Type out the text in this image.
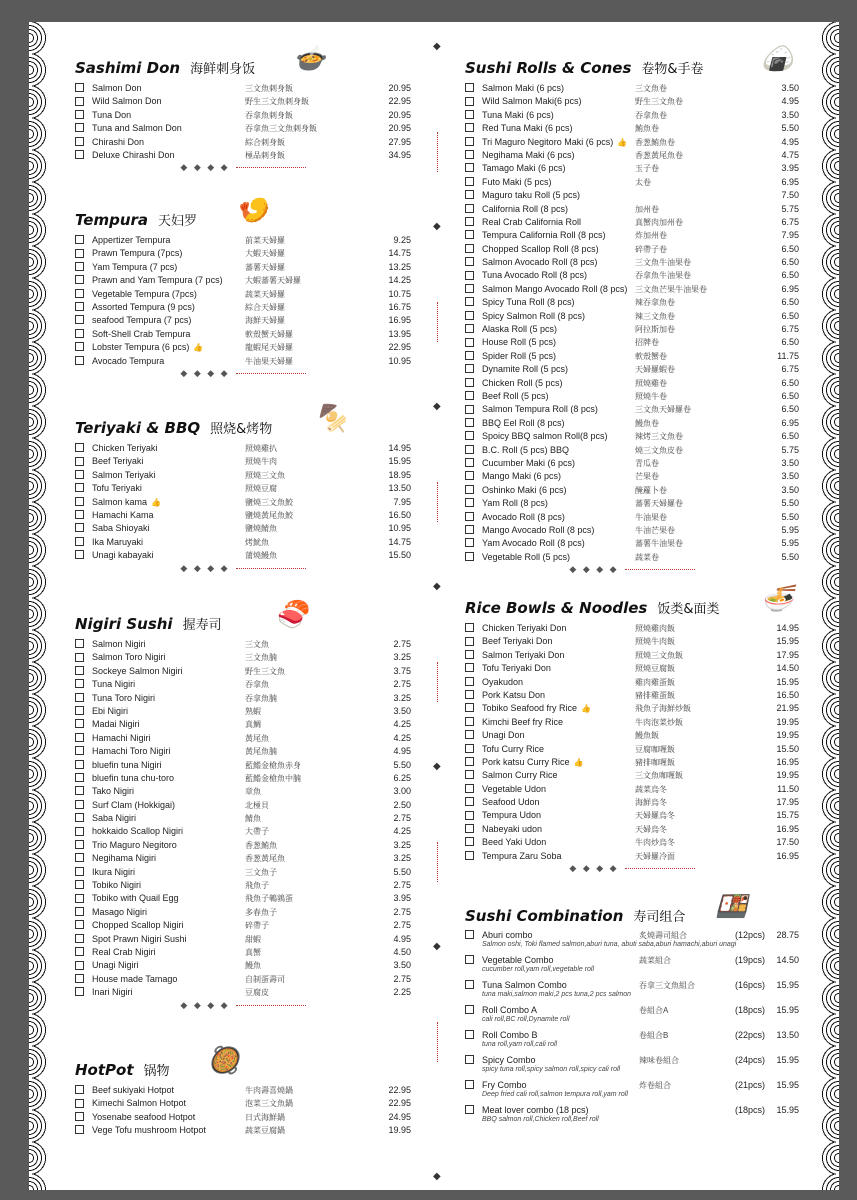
◆
◆
◆
◆
◆
◆
◆
Sashimi Don 海鲜刺身饭 🍲
Salmon Don	三文魚刺身飯	20.95
Wild Salmon Don	野生三文魚刺身飯	22.95
Tuna Don	吞拿魚刺身飯	20.95
Tuna and Salmon Don	吞拿魚三文魚刺身飯	20.95
Chirashi Don	綜合刺身飯	27.95
Deluxe Chirashi Don	極品刺身飯	34.95
◆ ◆ ◆ ◆
Tempura 天妇罗 🍤
Appertizer Tempura	前菜天婦羅	9.25
Prawn Tempura (7pcs)	大蝦天婦羅	14.75
Yam Tempura (7 pcs)	蕃薯天婦羅	13.25
Prawn and Yam Tempura (7 pcs)	大蝦蕃薯天婦羅	14.25
Vegetable Tempura (7pcs)	蔬菜天婦羅	10.75
Assorted Tempura (9 pcs)	綜合天婦羅	16.75
seafood Tempura (7 pcs)	海鮮天婦羅	16.95
Soft-Shell Crab Tempura	軟殼蟹天婦羅	13.95
Lobster Tempura (6 pcs) 👍	龍蝦尾天婦羅	22.95
Avocado Tempura	牛油果天婦羅	10.95
◆ ◆ ◆ ◆
Teriyaki & BBQ 照烧&烤物 🍢
Chicken Teriyaki	照燒雞扒	14.95
Beef Teriyaki	照燒牛肉	15.95
Salmon Teriyaki	照燒三文魚	18.95
Tofu Teriyaki	照燒豆腐	13.50
Salmon kama 👍	鹽燒三文魚鮫	7.95
Hamachi Kama	鹽燒黃尾魚鮫	16.50
Saba Shioyaki	鹽燒鯖魚	10.95
Ika Maruyaki	烤魷魚	14.75
Unagi kabayaki	蒲燒鰻魚	15.50
◆ ◆ ◆ ◆
Nigiri Sushi 握寿司 🍣
Salmon Nigiri	三文魚	2.75
Salmon Toro Nigiri	三文魚腩	3.25
Sockeye Salmon Nigiri	野生三文魚	3.75
Tuna Nigiri	吞拿魚	2.75
Tuna Toro Nigiri	吞拿魚腩	3.25
Ebi Nigiri	熟蝦	3.50
Madai Nigiri	真鯛	4.25
Hamachi Nigiri	黃尾魚	4.25
Hamachi Toro Nigiri	黃尾魚腩	4.95
bluefin tuna Nigiri	藍鰭金槍魚赤身	5.50
bluefin tuna chu-toro	藍鰭金槍魚中腩	6.25
Tako Nigiri	章魚	3.00
Surf Clam (Hokkigai)	北極貝	2.50
Saba Nigiri	鯖魚	2.75
hokkaido Scallop Nigiri	大帶子	4.25
Trio Maguro Negitoro	香葱鮪魚	3.25
Negihama Nigiri	香葱黃尾魚	3.25
Ikura Nigiri	三文魚子	5.50
Tobiko Nigiri	飛魚子	2.75
Tobiko with Quail Egg	飛魚子鵪鶉蛋	3.95
Masago Nigiri	多春魚子	2.75
Chopped Scallop Nigiri	碎帶子	2.75
Spot Prawn Nigiri Sushi	甜蝦	4.95
Real Crab Nigiri	真蟹	4.50
Unagi Nigiri	鰻魚	3.50
House made Tamago	自制蛋壽司	2.75
Inari Nigiri	豆腐皮	2.25
◆ ◆ ◆ ◆
HotPot 锅物 🥘
Beef sukiyaki Hotpot	牛肉壽喜燒鍋	22.95
Kimechi Salmon Hotpot	泡菜三文魚鍋	22.95
Yosenabe seafood Hotpot	日式海鮮鍋	24.95
Vege Tofu mushroom Hotpot	蔬菜豆腐鍋	19.95
Sushi Rolls & Cones 卷物&手卷 🍙
Salmon Maki (6 pcs)	三文魚卷	3.50
Wild Salmon Maki(6 pcs)	野生三文魚卷	4.95
Tuna Maki (6 pcs)	吞拿魚卷	3.50
Red Tuna Maki (6 pcs)	鮪魚卷	5.50
Tri Maguro Negitoro Maki (6 pcs) 👍 香葱鮪魚卷	4.95
Negihama Maki (6 pcs)	香葱黃尾魚卷	4.75
Tamago Maki (6 pcs)	玉子卷	3.95
Futo Maki (5 pcs)	太卷	6.95
Maguro taku Roll (5 pcs)	7.50
California Roll (8 pcs)	加州卷	5.75
Real Crab California Roll	真蟹肉加州卷	6.75
Tempura California Roll (8 pcs)	炸加州卷	7.95
Chopped Scallop Roll (8 pcs)	碎帶子卷	6.50
Salmon Avocado Roll (8 pcs)	三文魚牛油果卷	6.50
Tuna Avocado Roll (8 pcs)	吞拿魚牛油果卷	6.50
Salmon Mango Avocado Roll (8 pcs) 三文魚芒果牛油果卷	6.95
Spicy Tuna Roll (8 pcs)	辣吞拿魚卷	6.50
Spicy Salmon Roll (8 pcs)	辣三文魚卷	6.50
Alaska Roll (5 pcs)	阿拉斯加卷	6.75
House Roll (5 pcs)	招牌卷	6.50
Spider Roll (5 pcs)	軟殼蟹卷	11.75
Dynamite Roll (5 pcs)	天婦羅蝦卷	6.75
Chicken Roll (5 pcs)	照燒雞卷	6.50
Beef Roll (5 pcs)	照燒牛卷	6.50
Salmon Tempura Roll (8 pcs)	三文魚天婦羅卷	6.50
BBQ Eel Roll (8 pcs)	鰻魚卷	6.95
Spoicy BBQ salmon Roll(8 pcs)	辣烤三文魚卷	6.50
B.C. Roll (5 pcs) BBQ	燒三文魚皮卷	5.75
Cucumber Maki (6 pcs)	青瓜卷	3.50
Mango Maki (6 pcs)	芒果卷	3.50
Oshinko Maki (6 pcs)	醃蘿卜卷	3.50
Yam Roll (8 pcs)	蕃薯天婦羅卷	5.50
Avocado Roll (8 pcs)	牛油果卷	5.50
Mango Avocado Roll (8 pcs)	牛油芒果卷	5.95
Yam Avocado Roll (8 pcs)	蕃薯牛油果卷	5.95
Vegetable Roll (5 pcs)	蔬菜卷	5.50
◆ ◆ ◆ ◆
Rice Bowls & Noodles 饭类&面类 🍜
Chicken Teriyaki Don	照燒雞肉飯	14.95
Beef Teriyaki Don	照燒牛肉飯	15.95
Salmon Teriyaki Don	照燒三文魚飯	17.95
Tofu Teriyaki Don	照燒豆腐飯	14.50
Oyakudon	雞肉雞蛋飯	15.95
Pork Katsu Don	豬排雞蛋飯	16.50
Tobiko Seafood fry Rice 👍	飛魚子海鮮炒飯	21.95
Kimchi Beef fry Rice	牛肉泡菜炒飯	19.95
Unagi Don	鰻魚飯	19.95
Tofu Curry Rice	豆腐咖喱飯	15.50
Pork katsu Curry Rice 👍	豬排咖喱飯	16.95
Salmon Curry Rice	三文魚咖喱飯	19.95
Vegetable Udon	蔬菜烏冬	11.50
Seafood Udon	海鮮烏冬	17.95
Tempura Udon	天婦羅烏冬	15.75
Nabeyaki udon	天婦烏冬	16.95
Beed Yaki Udon	牛肉炒烏冬	17.50
Tempura Zaru Soba	天婦羅冷面	16.95
◆ ◆ ◆ ◆
Sushi Combination 寿司组合 🍱
Aburi combo	炙燒壽司組合	(12pcs) 28.75
Salmon oshi, Toki flamed salmon,aburi tuna, abuti saba,aburi hamachi,aburi unagi
Vegetable Combo	蔬菜組合	(19pcs) 14.50
cucumber roll,yam roll,vegetable roll
Tuna Salmon Combo	吞拿三文魚組合	(16pcs) 15.95
tuna maki,salmon maki,2 pcs tuna,2 pcs salmon
Roll Combo A	卷組合A	(18pcs) 15.95
cali roll,BC roll,Dynamite roll
Roll Combo B	卷組合B	(22pcs) 13.50
tuna roll,yam roll,cali roll
Spicy Combo	辣味卷組合	(24pcs) 15.95
spicy tuna roll,spicy salmon roll,spicy cali roll
Fry Combo	炸卷組合	(21pcs) 15.95
Deep fried cali roll,salmon tempura roll,yam roll
Meat lover combo (18 pcs)	(18pcs) 15.95
BBQ salmon roll,Chicken roll,Beef roll
